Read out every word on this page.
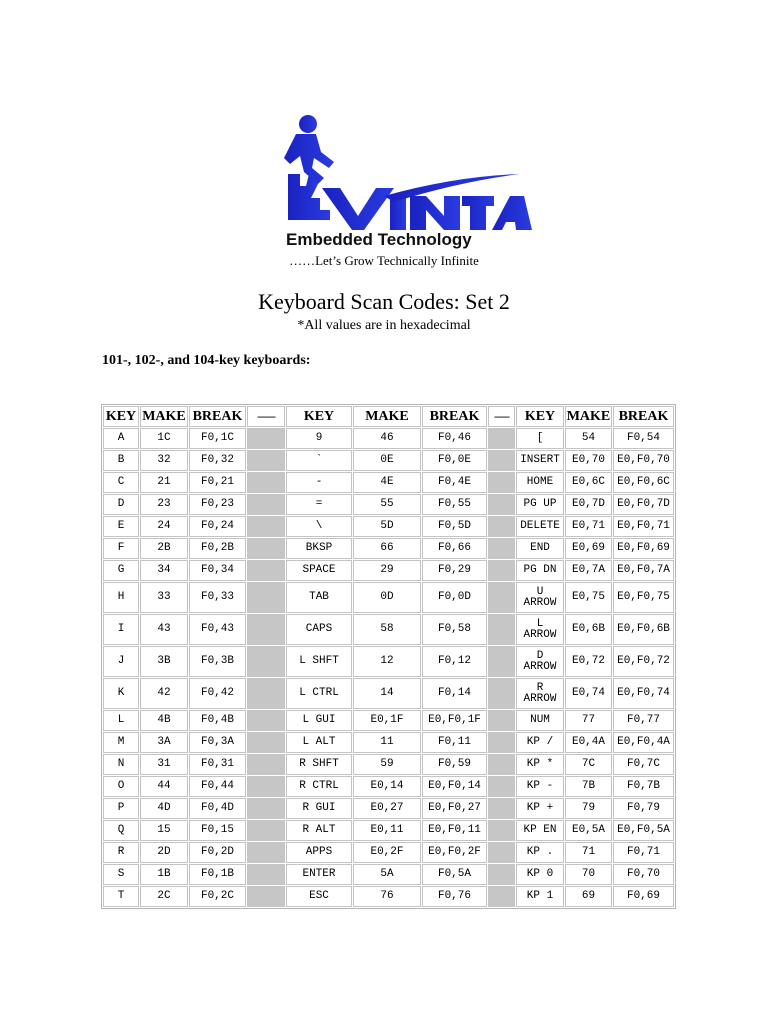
Embedded Technology
……Let’s Grow Technically Infinite
Keyboard Scan Codes: Set 2
*All values are in hexadecimal
101-, 102-, and 104-key keyboards:
KEY	MAKE	BREAK	------	KEY	MAKE	BREAK	-----	KEY	MAKE	BREAK
A	1C	F0,1C		9	46	F0,46		[	54	F0,54
B	32	F0,32		`	0E	F0,0E		INSERT	E0,70	E0,F0,70
C	21	F0,21		-	4E	F0,4E		HOME	E0,6C	E0,F0,6C
D	23	F0,23		=	55	F0,55		PG UP	E0,7D	E0,F0,7D
E	24	F0,24		\	5D	F0,5D		DELETE	E0,71	E0,F0,71
F	2B	F0,2B		BKSP	66	F0,66		END	E0,69	E0,F0,69
G	34	F0,34		SPACE	29	F0,29		PG DN	E0,7A	E0,F0,7A
H	33	F0,33		TAB	0D	F0,0D		U ARROW	E0,75	E0,F0,75
I	43	F0,43		CAPS	58	F0,58		L ARROW	E0,6B	E0,F0,6B
J	3B	F0,3B		L SHFT	12	F0,12		D ARROW	E0,72	E0,F0,72
K	42	F0,42		L CTRL	14	F0,14		R ARROW	E0,74	E0,F0,74
L	4B	F0,4B		L GUI	E0,1F	E0,F0,1F		NUM	77	F0,77
M	3A	F0,3A		L ALT	11	F0,11		KP /	E0,4A	E0,F0,4A
N	31	F0,31		R SHFT	59	F0,59		KP *	7C	F0,7C
O	44	F0,44		R CTRL	E0,14	E0,F0,14		KP -	7B	F0,7B
P	4D	F0,4D		R GUI	E0,27	E0,F0,27		KP +	79	F0,79
Q	15	F0,15		R ALT	E0,11	E0,F0,11		KP EN	E0,5A	E0,F0,5A
R	2D	F0,2D		APPS	E0,2F	E0,F0,2F		KP .	71	F0,71
S	1B	F0,1B		ENTER	5A	F0,5A		KP 0	70	F0,70
T	2C	F0,2C		ESC	76	F0,76		KP 1	69	F0,69
